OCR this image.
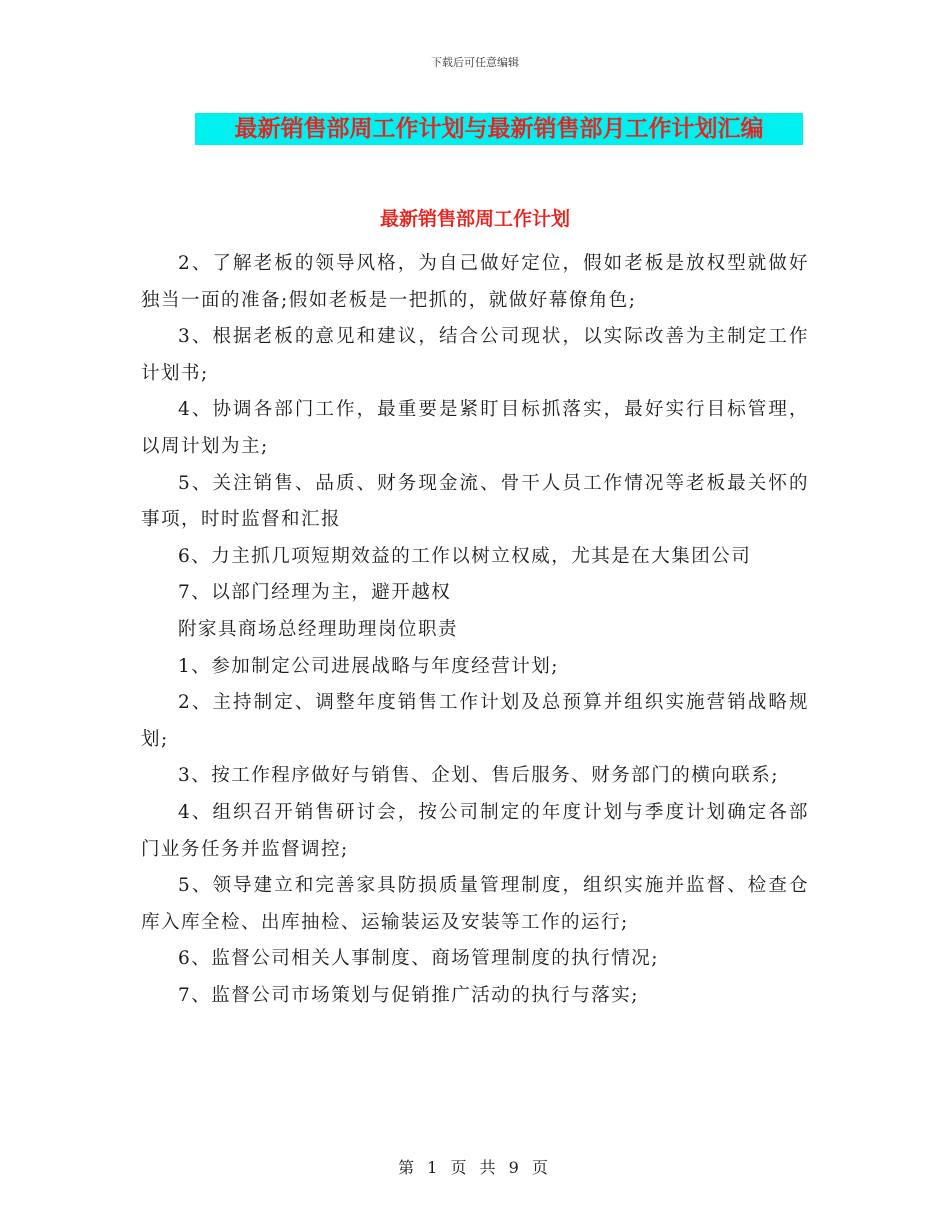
下载后可任意编辑
最新销售部周工作计划与最新销售部月工作计划汇编
最新销售部周工作计划

2、了解老板的领导风格，为自己做好定位，假如老板是放权型就做好独当一面的准备;假如老板是一把抓的，就做好幕僚角色;

3、根据老板的意见和建议，结合公司现状，以实际改善为主制定工作计划书;

4、协调各部门工作，最重要是紧盯目标抓落实，最好实行目标管理，以周计划为主;

5、关注销售、品质、财务现金流、骨干人员工作情况等老板最关怀的事项，时时监督和汇报

6、力主抓几项短期效益的工作以树立权威，尤其是在大集团公司

7、以部门经理为主，避开越权

附家具商场总经理助理岗位职责

1、参加制定公司进展战略与年度经营计划;

2、主持制定、调整年度销售工作计划及总预算并组织实施营销战略规划;

3、按工作程序做好与销售、企划、售后服务、财务部门的横向联系;

4、组织召开销售研讨会，按公司制定的年度计划与季度计划确定各部门业务任务并监督调控;

5、领导建立和完善家具防损质量管理制度，组织实施并监督、检查仓库入库全检、出库抽检、运输装运及安装等工作的运行;

6、监督公司相关人事制度、商场管理制度的执行情况;

7、监督公司市场策划与促销推广活动的执行与落实;

第 1 页 共 9 页
